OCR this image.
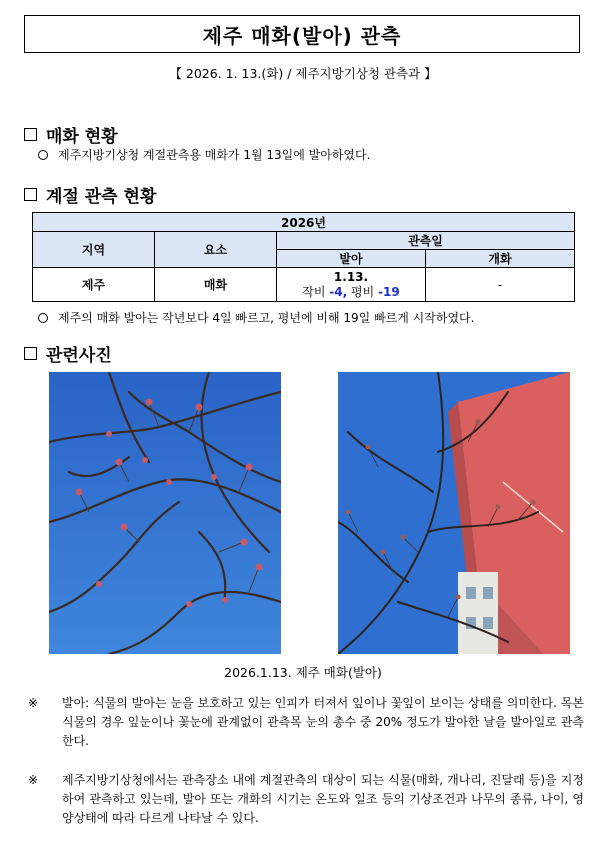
제주 매화(발아) 관측
【 2026. 1. 13.(화) / 제주지방기상청 관측과 】
매화 현황
제주지방기상청 계절관측용 매화가 1월 13일에 발아하였다.
계절 관측 현황
2026년			
지역	요소	관측일	
		발아	개화
제주	매화	1.13.
작비 -4, 평비 -19	-
제주의 매화 발아는 작년보다 4일 빠르고, 평년에 비해 19일 빠르게 시작하였다.
관련사진
2026.1.13. 제주 매화(발아)
※	발아: 식물의 발아는 눈을 보호하고 있는 인피가 터져서 잎이나 꽃잎이 보이는 상태를 의미한다. 목본식물의 경우 잎눈이나 꽃눈에 관계없이 관측목 눈의 총수 중 20% 정도가 발아한 날을 발아일로 관측한다.
※	제주지방기상청에서는 관측장소 내에 계절관측의 대상이 되는 식물(매화, 개나리, 진달래 등)을 지정하여 관측하고 있는데, 발아 또는 개화의 시기는 온도와 일조 등의 기상조건과 나무의 종류, 나이, 영양상태에 따라 다르게 나타날 수 있다.
